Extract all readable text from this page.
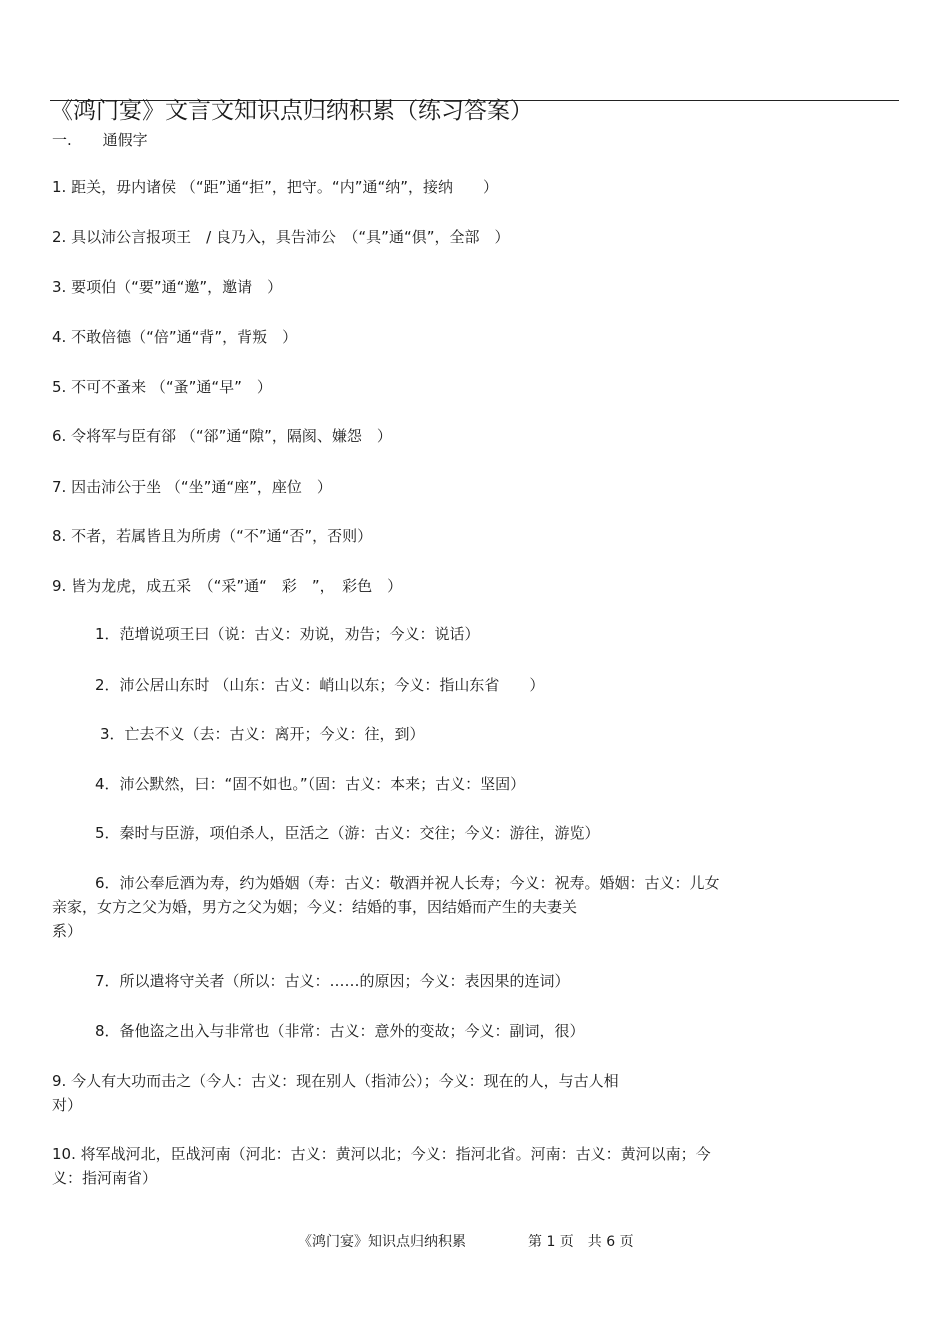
《鸿门宴》文言文知识点归纳积累（练习答案）
一. 通假字
1. 距关，毋内诸侯 （“距”通“拒”，把守。“内”通“纳”，接纳　　）
2. 具以沛公言报项王　/ 良乃入，具告沛公　（“具”通“俱”，全部　）
3. 要项伯（“要”通“邀”，邀请　）
4. 不敢倍德（“倍”通“背”，背叛　）
5. 不可不蚤来 （“蚤”通“早”　）
6. 令将军与臣有郤 （“郤”通“隙”，隔阂、嫌怨　）
7. 因击沛公于坐 （“坐”通“座”，座位　）
8. 不者，若属皆且为所虏（“不”通“否”，否则）
9. 皆为龙虎，成五采　（“采”通“　彩　”，　彩色　）
1．范增说项王曰（说：古义：劝说，劝告；今义：说话）
2．沛公居山东时 （山东：古义：峭山以东；今义：指山东省　　）
3．亡去不义（去：古义：离开；今义：往，到）
4．沛公默然，曰：“固不如也。”（固：古义：本来；古义：坚固）
5．秦时与臣游，项伯杀人，臣活之（游：古义：交往；今义：游往，游览）
6．沛公奉卮酒为寿，约为婚姻（寿：古义：敬酒并祝人长寿；今义：祝寿。婚姻：古义：儿女
亲家，女方之父为婚，男方之父为姻；今义：结婚的事，因结婚而产生的夫妻关
系）
7．所以遣将守关者（所以：古义：……的原因；今义：表因果的连词）
8．备他盗之出入与非常也（非常：古义：意外的变故；今义：副词，很）
9. 今人有大功而击之（今人：古义：现在别人（指沛公）；今义：现在的人，与古人相
对）
10. 将军战河北，臣战河南（河北：古义：黄河以北；今义：指河北省。河南：古义：黄河以南；今
义：指河南省）
《鸿门宴》知识点归纳积累	第 1 页　共 6 页
